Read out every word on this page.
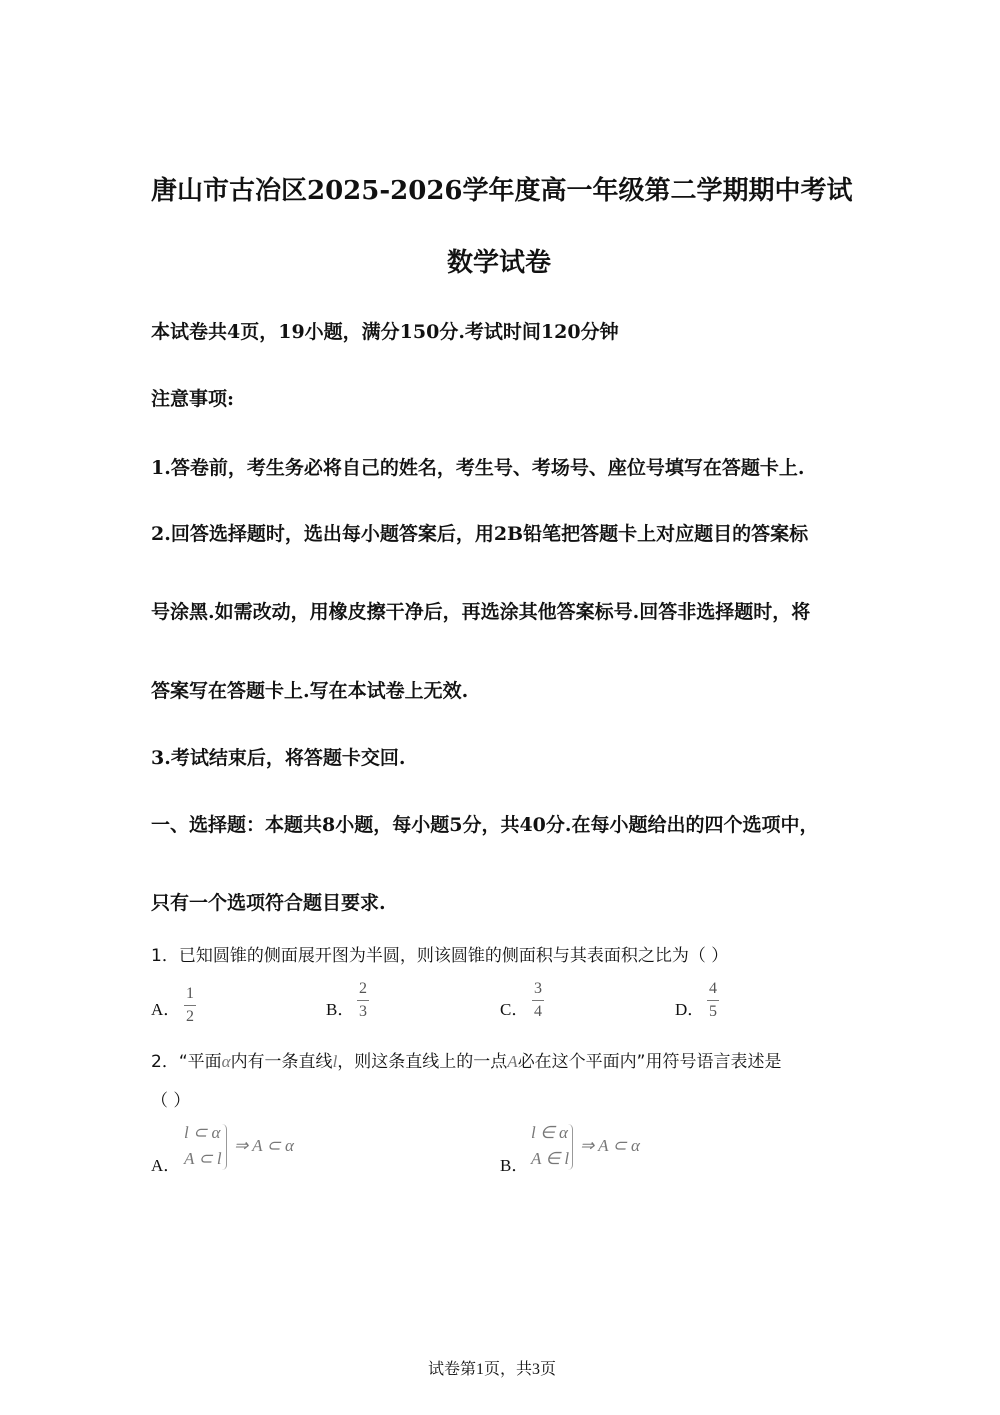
唐山市古冶区2025-2026学年度高一年级第二学期期中考试
数学试卷
本试卷共4页，19小题，满分150分.考试时间120分钟
注意事项:
1.答卷前，考生务必将自己的姓名，考生号、考场号、座位号填写在答题卡上.
2.回答选择题时，选出每小题答案后，用2B铅笔把答题卡上对应题目的答案标
号涂黑.如需改动，用橡皮擦干净后，再选涂其他答案标号.回答非选择题时，将
答案写在答题卡上.写在本试卷上无效.
3.考试结束后，将答题卡交回.
一、选择题：本题共8小题，每小题5分，共40分.在每小题给出的四个选项中，
只有一个选项符合题目要求.
1．已知圆锥的侧面展开图为半圆，则该圆锥的侧面积与其表面积之比为（ ）
A．
1
2	B．
2
3	C．
3
4	D．
4
5
2．“平面α内有一条直线l，则这条直线上的一点A必在这个平面内”用符号语言表述是
（ ）
A．
l ⊂ α
A ⊂ l
⇒ A ⊂ α
B．
l ∈ α
A ∈ l
⇒ A ⊂ α
试卷第1页，共3页
